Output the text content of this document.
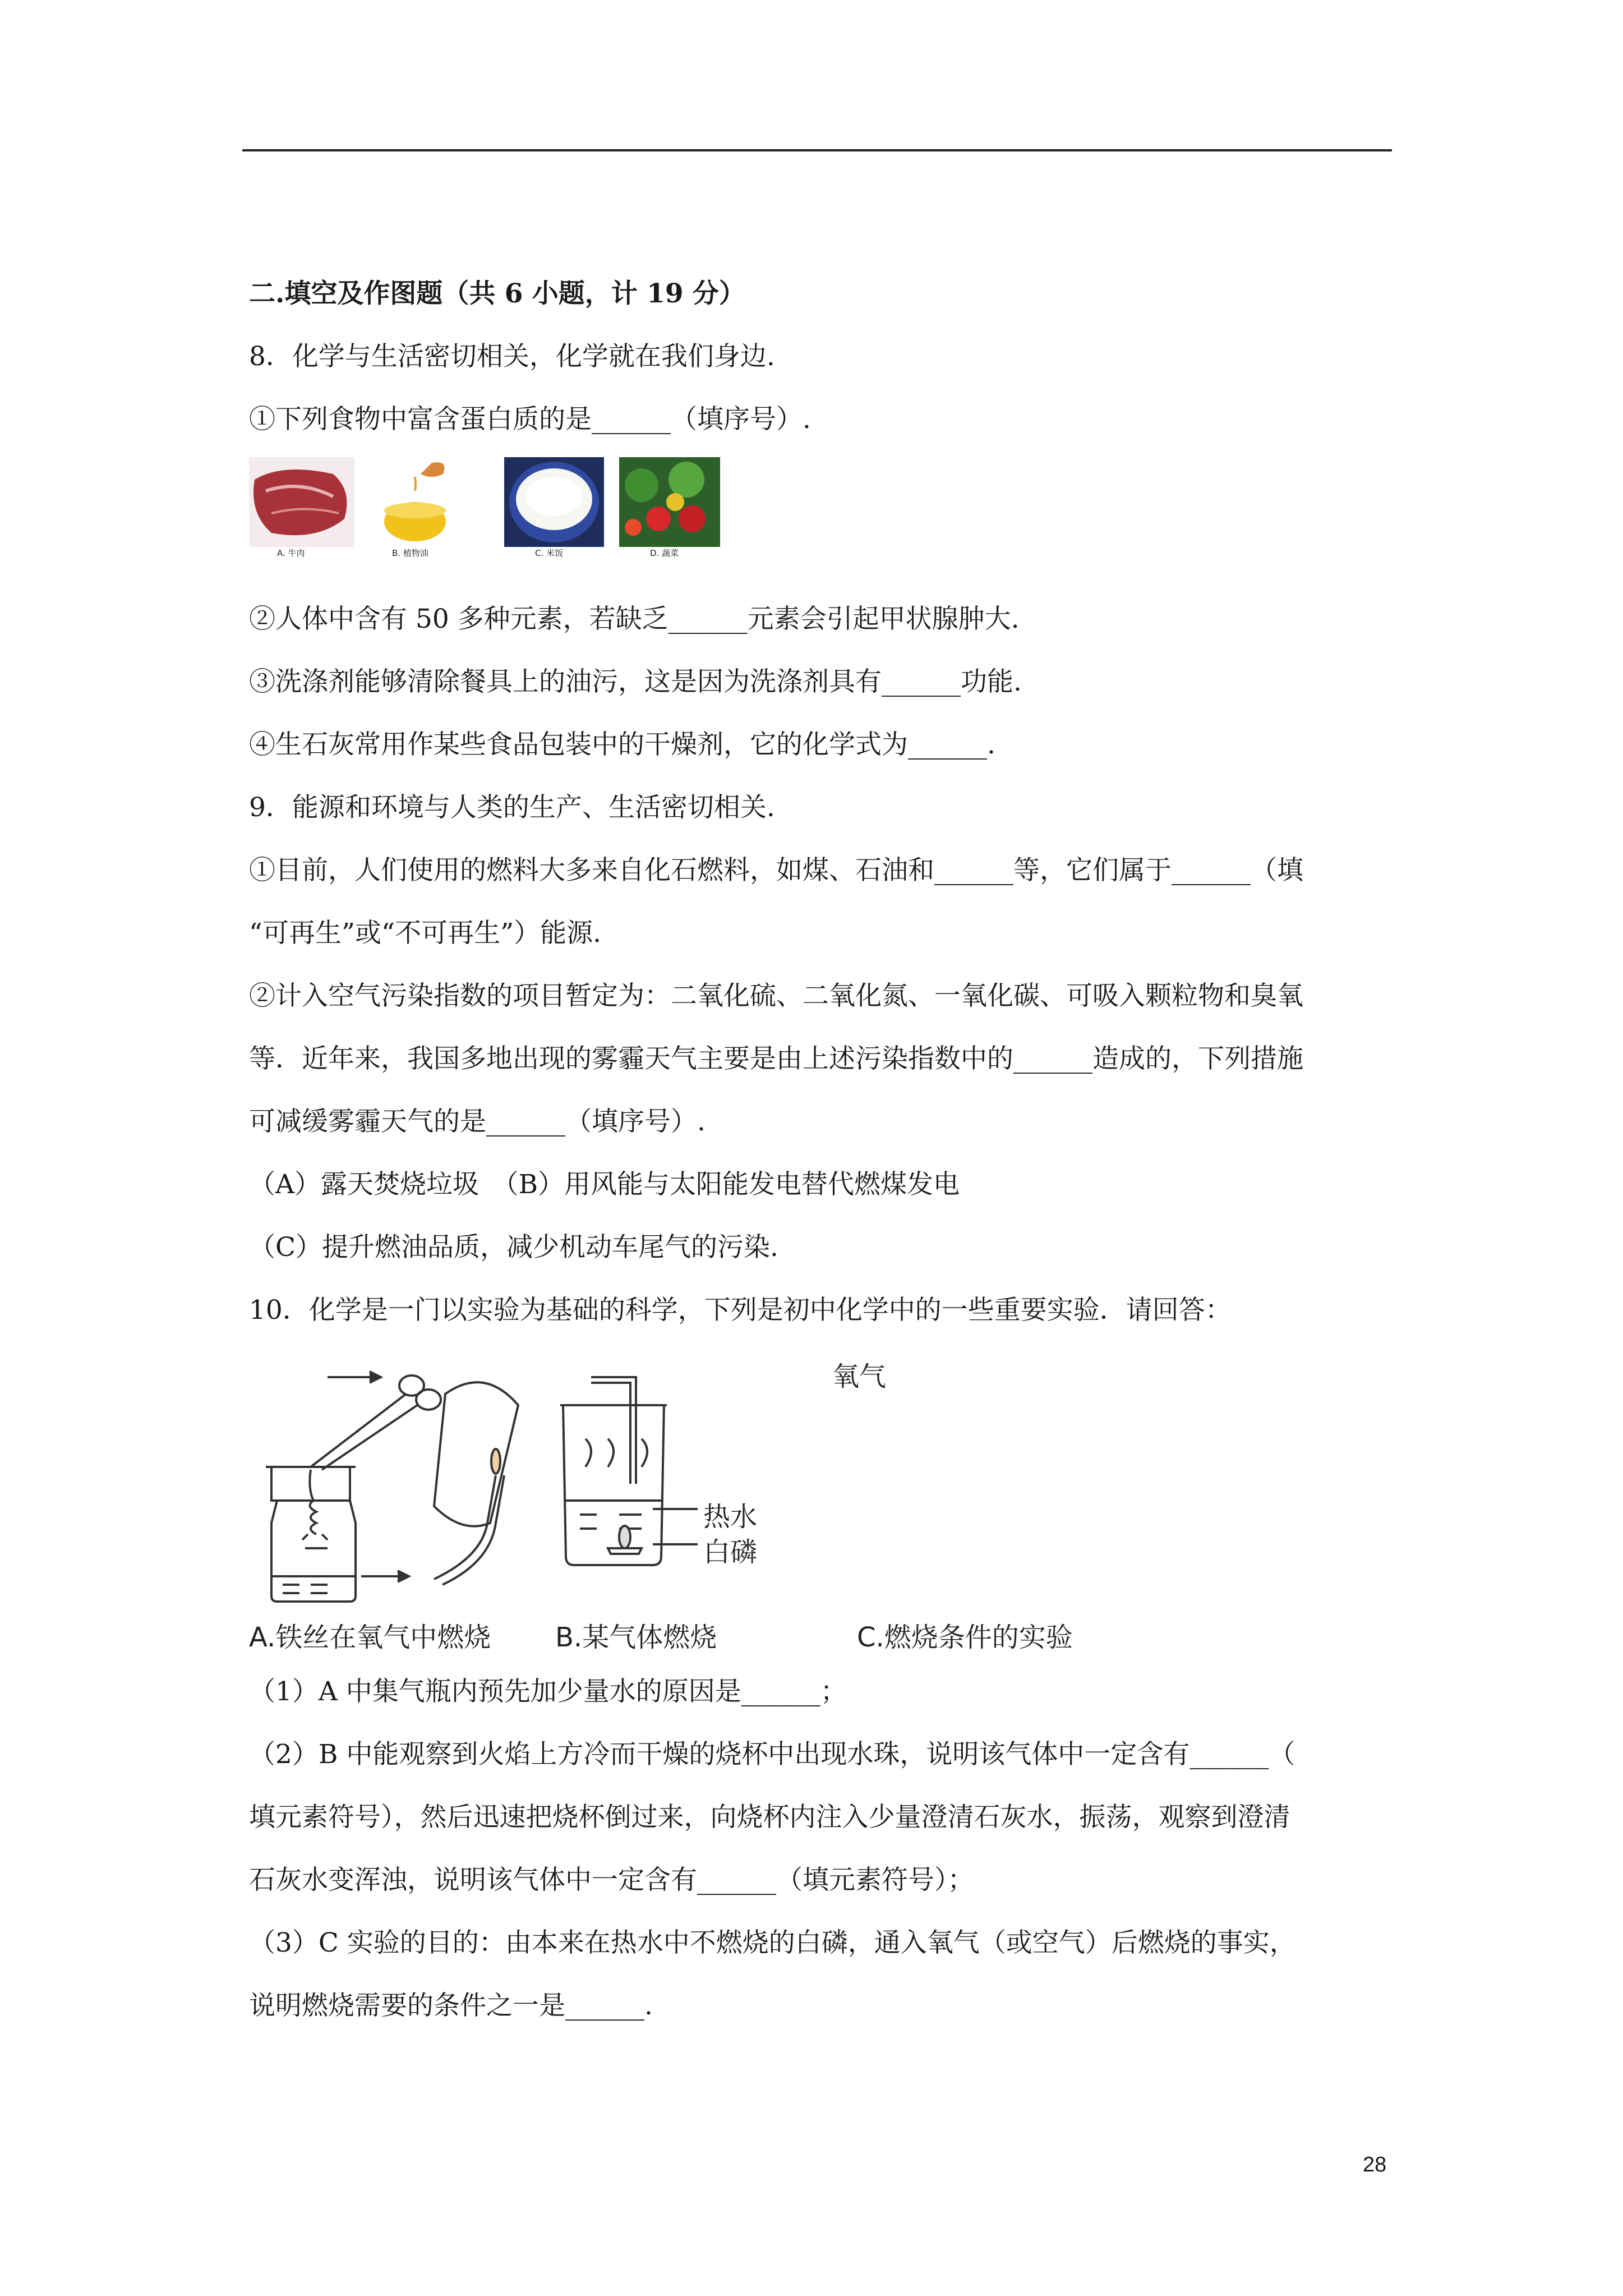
二.填空及作图题（共 6 小题，计 19 分）
8．化学与生活密切相关，化学就在我们身边.
①下列食物中富含蛋白质的是______（填序号）.
A. 牛肉	B. 植物油	C. 米饭	D. 蔬菜
②人体中含有 50 多种元素，若缺乏______元素会引起甲状腺肿大.
③洗涤剂能够清除餐具上的油污，这是因为洗涤剂具有______功能.
④生石灰常用作某些食品包装中的干燥剂，它的化学式为______.
9．能源和环境与人类的生产、生活密切相关.
①目前，人们使用的燃料大多来自化石燃料，如煤、石油和______等，它们属于______（填
“可再生”或“不可再生”）能源.
②计入空气污染指数的项目暂定为：二氧化硫、二氧化氮、一氧化碳、可吸入颗粒物和臭氧
等．近年来，我国多地出现的雾霾天气主要是由上述污染指数中的______造成的，下列措施
可减缓雾霾天气的是______（填序号）.
（A）露天焚烧垃圾　（B）用风能与太阳能发电替代燃煤发电
（C）提升燃油品质，减少机动车尾气的污染.
10．化学是一门以实验为基础的科学，下列是初中化学中的一些重要实验．请回答：
氧气
热水
白磷
A.铁丝在氧气中燃烧 B.某气体燃烧	C.燃烧条件的实验
（1）A 中集气瓶内预先加少量水的原因是______；
（2）B 中能观察到火焰上方冷而干燥的烧杯中出现水珠，说明该气体中一定含有______（
填元素符号），然后迅速把烧杯倒过来，向烧杯内注入少量澄清石灰水，振荡，观察到澄清
石灰水变浑浊，说明该气体中一定含有______（填元素符号）；
（3）C 实验的目的：由本来在热水中不燃烧的白磷，通入氧气（或空气）后燃烧的事实，
说明燃烧需要的条件之一是______.
28
